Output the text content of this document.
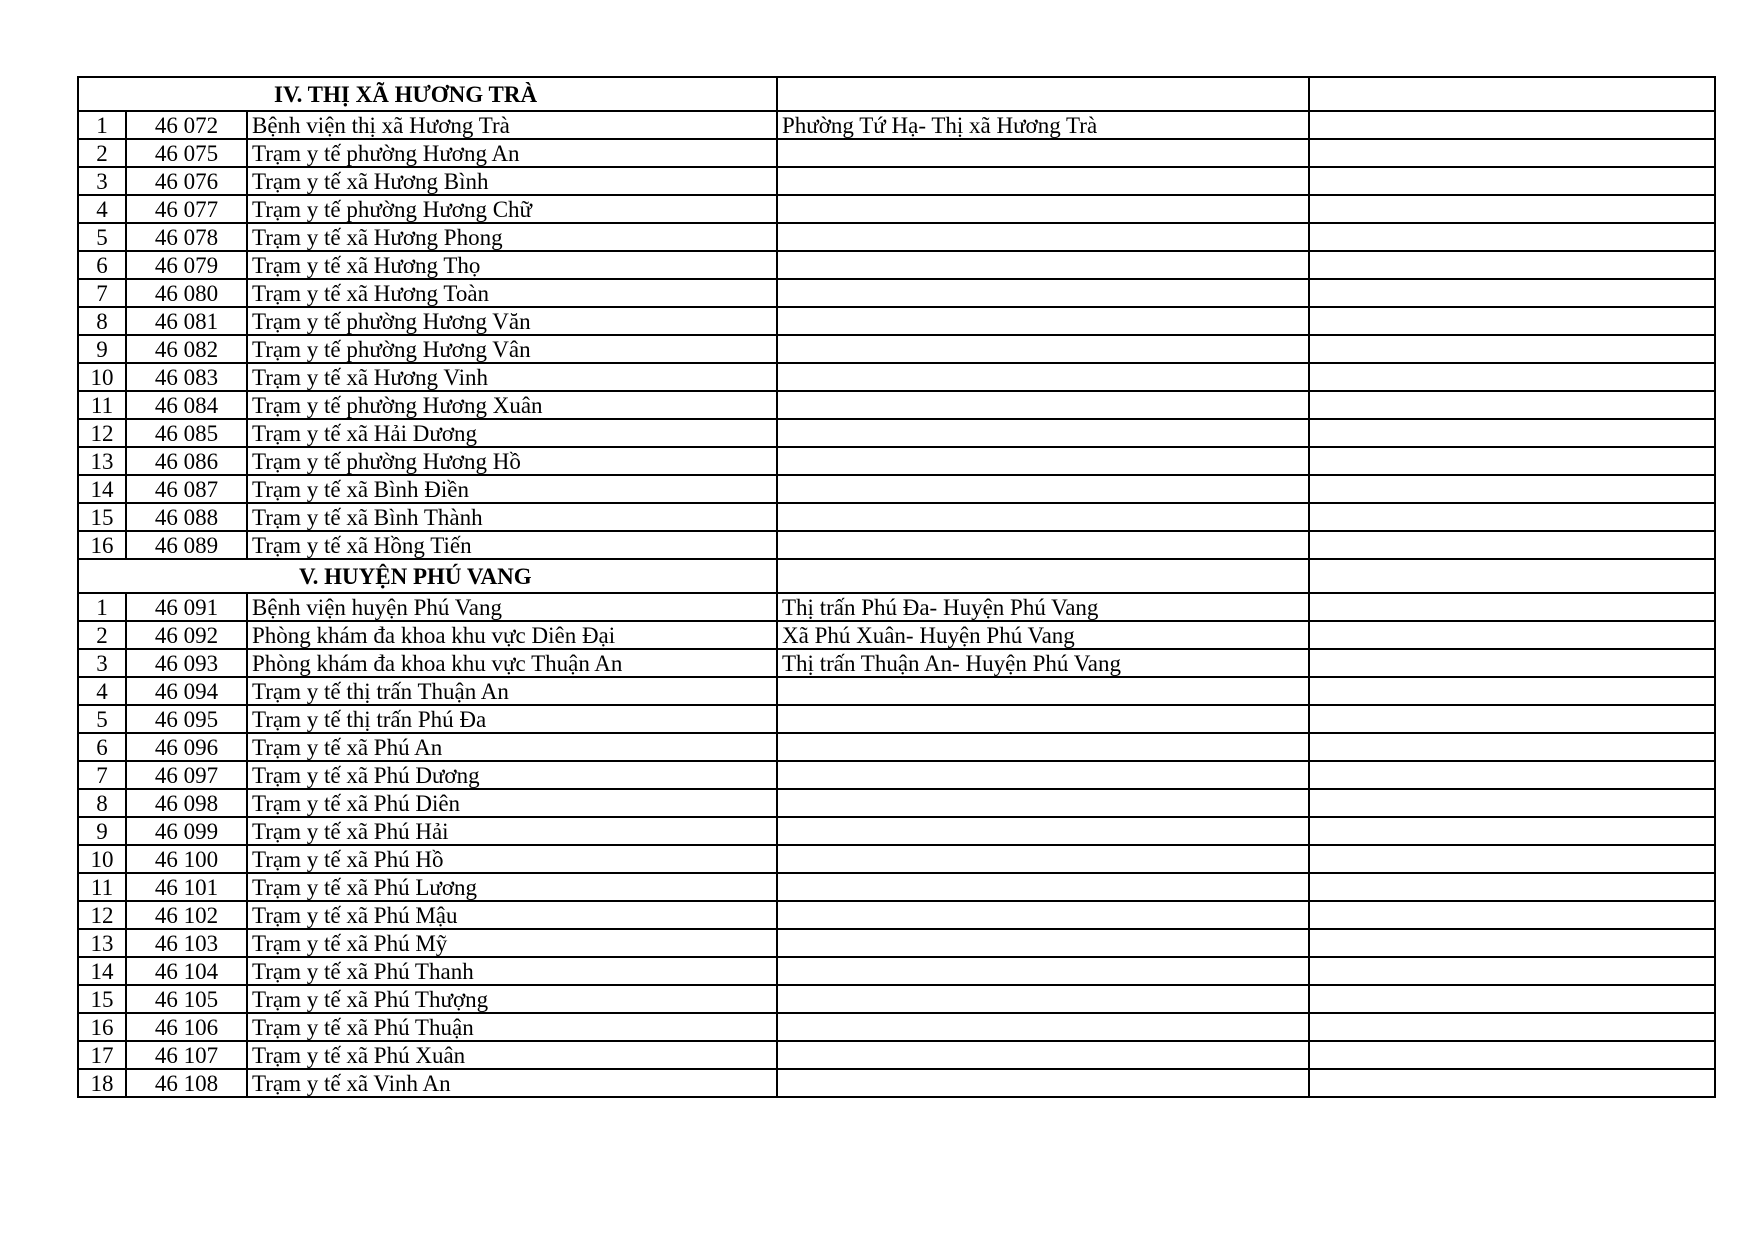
IV. THỊ XÃ HƯƠNG TRÀ				
1	46 072	Bệnh viện thị xã Hương Trà	Phường Tứ Hạ- Thị xã Hương Trà	
2	46 075	Trạm y tế phường Hương An		
3	46 076	Trạm y tế xã Hương Bình		
4	46 077	Trạm y tế phường Hương Chữ		
5	46 078	Trạm y tế xã Hương Phong		
6	46 079	Trạm y tế xã Hương Thọ		
7	46 080	Trạm y tế xã Hương Toàn		
8	46 081	Trạm y tế phường Hương Văn		
9	46 082	Trạm y tế phường Hương Vân		
10	46 083	Trạm y tế xã Hương Vinh		
11	46 084	Trạm y tế phường Hương Xuân		
12	46 085	Trạm y tế xã Hải Dương		
13	46 086	Trạm y tế phường Hương Hồ		
14	46 087	Trạm y tế xã Bình Điền		
15	46 088	Trạm y tế xã Bình Thành		
16	46 089	Trạm y tế xã Hồng Tiến		
V. HUYỆN PHÚ VANG				
1	46 091	Bệnh viện huyện Phú Vang	Thị trấn Phú Đa- Huyện Phú Vang	
2	46 092	Phòng khám đa khoa khu vực Diên Đại	Xã Phú Xuân- Huyện Phú Vang	
3	46 093	Phòng khám đa khoa khu vực Thuận An	Thị trấn Thuận An- Huyện Phú Vang	
4	46 094	Trạm y tế thị trấn Thuận An		
5	46 095	Trạm y tế thị trấn Phú Đa		
6	46 096	Trạm y tế xã Phú An		
7	46 097	Trạm y tế xã Phú Dương		
8	46 098	Trạm y tế xã Phú Diên		
9	46 099	Trạm y tế xã Phú Hải		
10	46 100	Trạm y tế xã Phú Hồ		
11	46 101	Trạm y tế xã Phú Lương		
12	46 102	Trạm y tế xã Phú Mậu		
13	46 103	Trạm y tế xã Phú Mỹ		
14	46 104	Trạm y tế xã Phú Thanh		
15	46 105	Trạm y tế xã Phú Thượng		
16	46 106	Trạm y tế xã Phú Thuận		
17	46 107	Trạm y tế xã Phú Xuân		
18	46 108	Trạm y tế xã Vinh An		
